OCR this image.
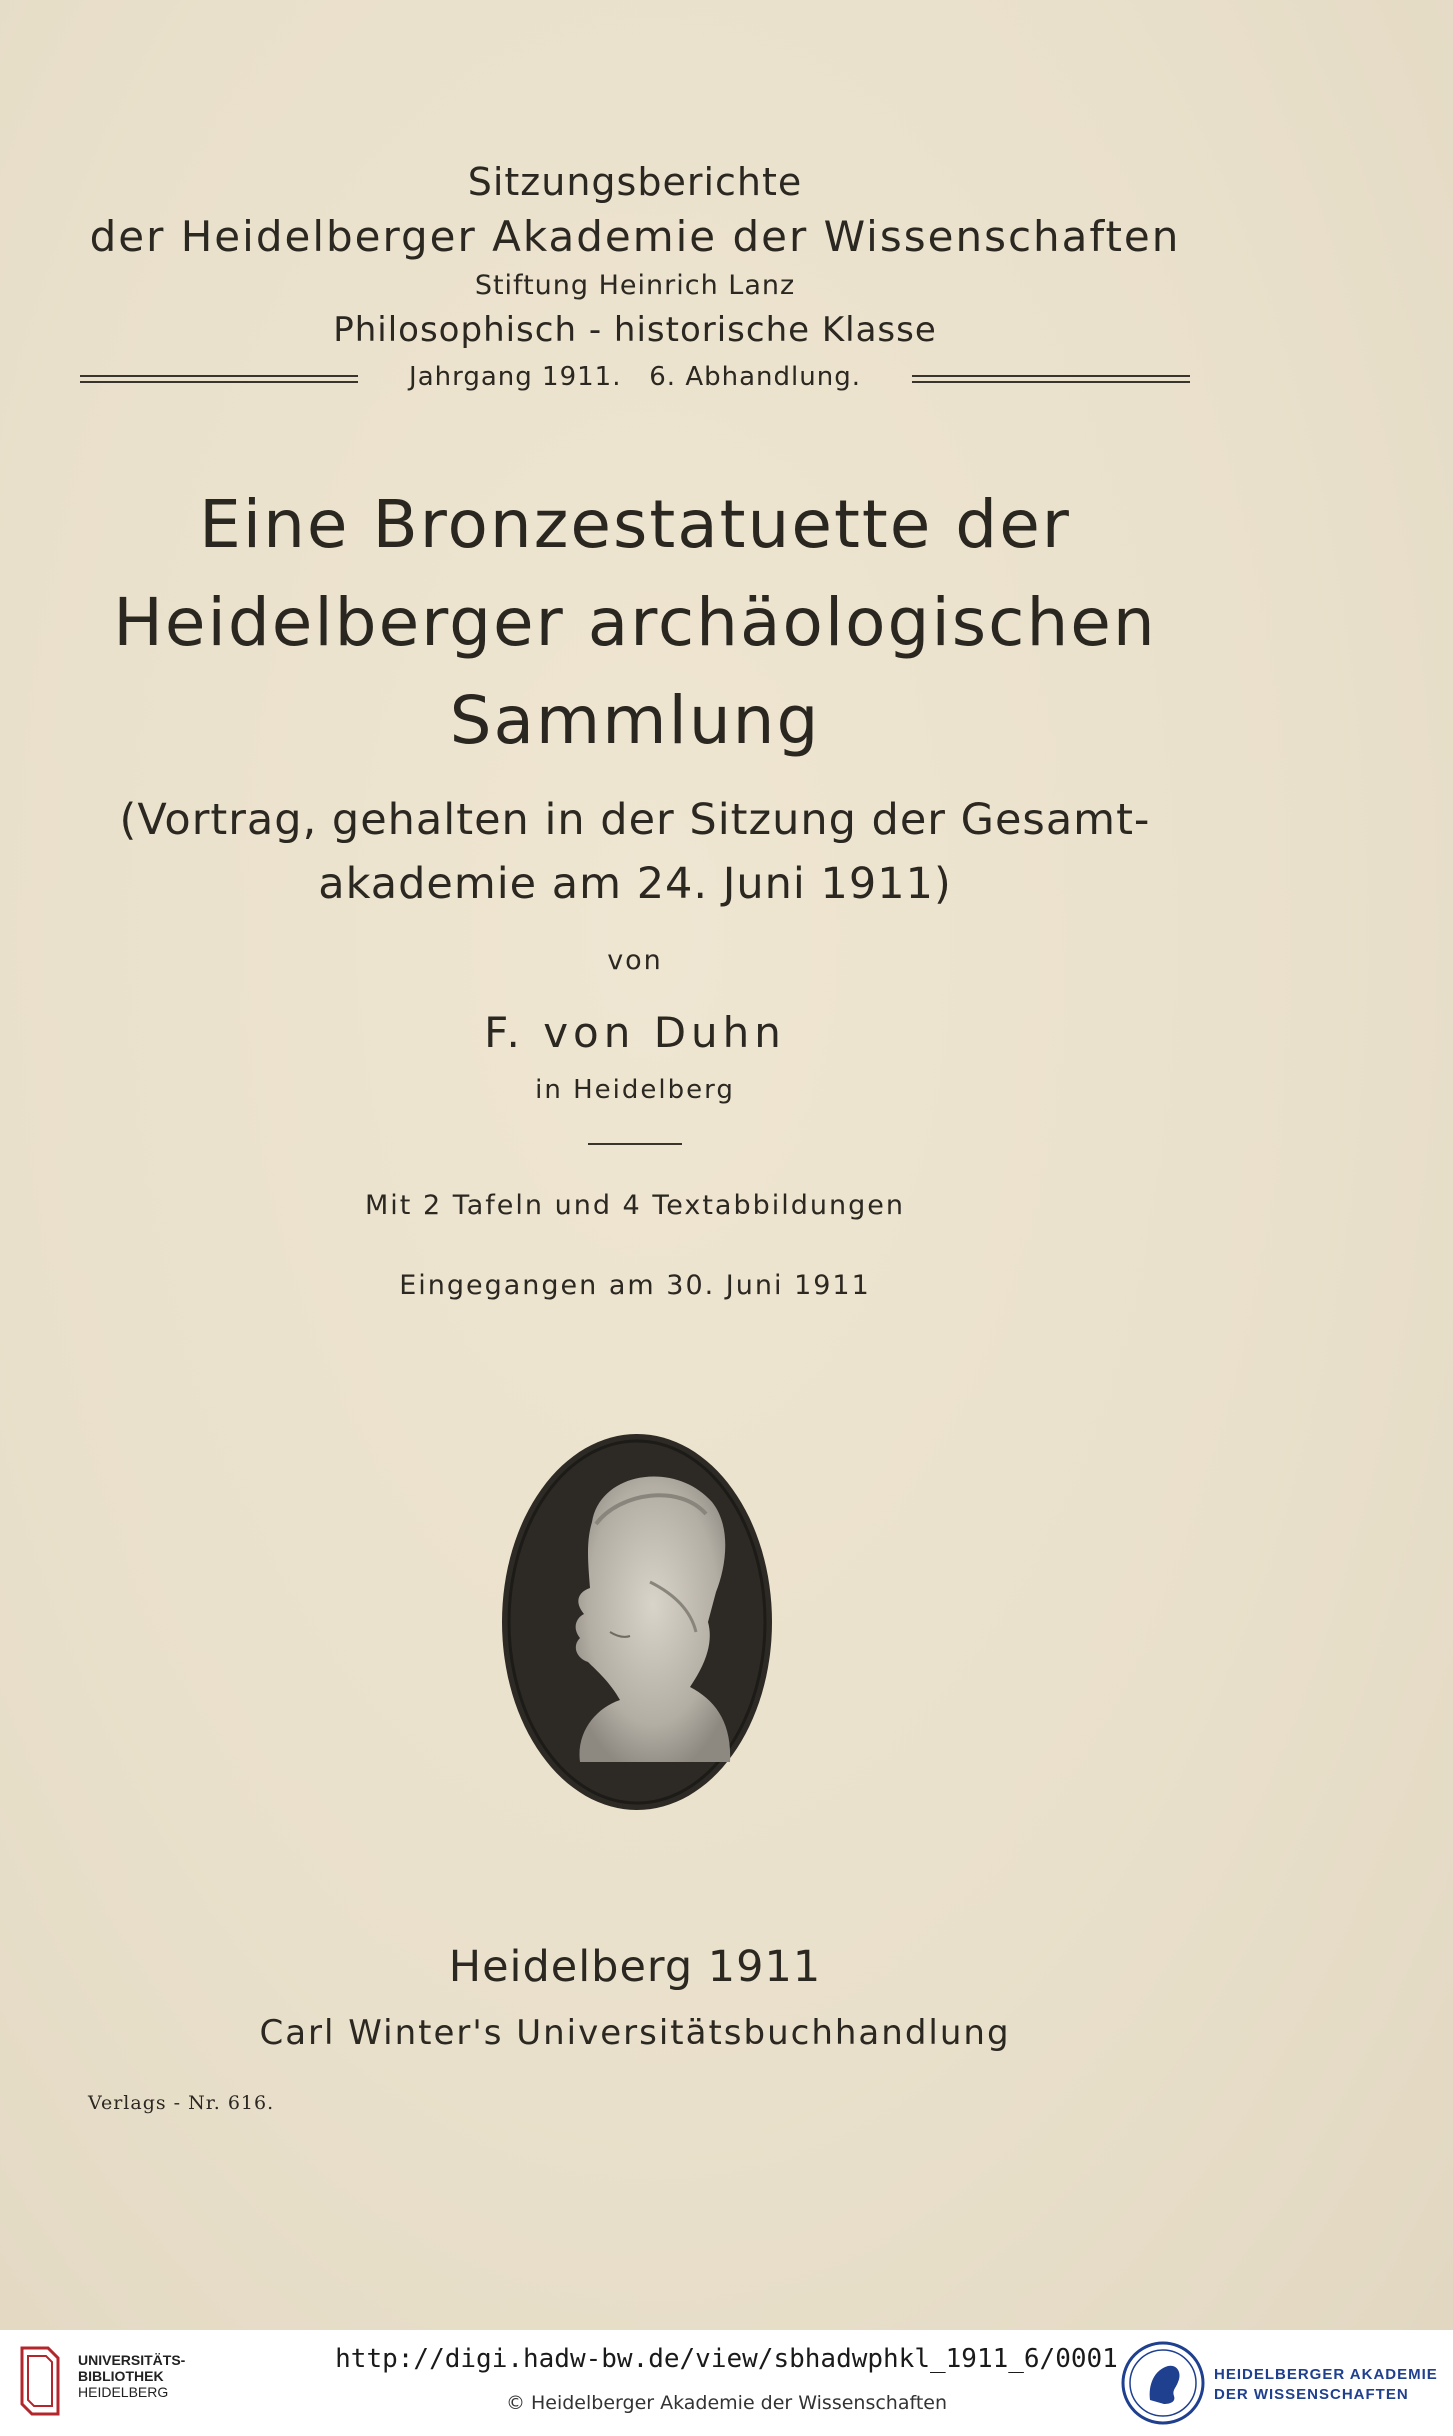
Sitzungsberichte
der Heidelberger Akademie der Wissenschaften
Stiftung Heinrich Lanz
Philosophisch - historische Klasse
Jahrgang 1911.   6. Abhandlung.
Eine Bronzestatuette der
Heidelberger archäologischen
Sammlung
(Vortrag, gehalten in der Sitzung der Gesamt-
akademie am 24. Juni 1911)
von
F. von Duhn
in Heidelberg
Mit 2 Tafeln und 4 Textabbildungen
Eingegangen am 30. Juni 1911
Heidelberg 1911
Carl Winter's Universitätsbuchhandlung
Verlags - Nr. 616.
UNIVERSITÄTS-
BIBLIOTHEK
HEIDELBERG
http://digi.hadw-bw.de/view/sbhadwphkl_1911_6/0001
© Heidelberger Akademie der Wissenschaften
HEIDELBERGER AKADEMIE
DER WISSENSCHAFTEN
